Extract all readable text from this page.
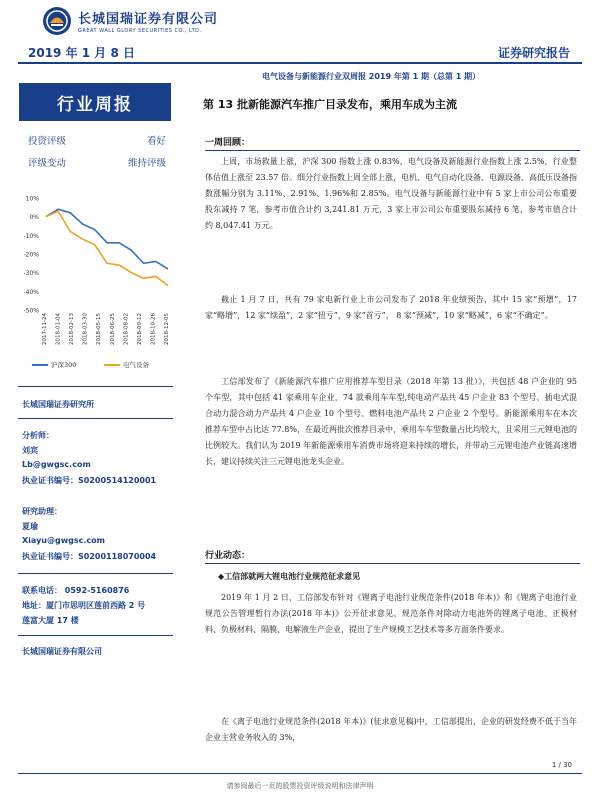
长城国瑞证券有限公司
GREAT WALL GLORY SECURITIES CO., LTD.
2019 年 1 月 8 日	证券研究报告
电气设备与新能源行业双周报 2019 年第 1 期（总第 1 期）
行业周报
投资评级	看好
评级变动	维持评级
10%
0%
-10%
-20%
-30%
-40%
-50%
2017-11-24 2018-01-04 2018-02-13 2018-03-30 2018-05-15 2018-06-25 2018-08-02 2018-09-12 2018-10-26 2018-12-05
沪深300	电气设备
长城国瑞证券研究所
分析师：
刘宾
Lb@gwgsc.com
执业证书编号：S0200514120001
研究助理：
夏瑜
Xiayu@gwgsc.com
执业证书编号：S0200118070004
联系电话： 0592-5160876
地址：厦门市思明区莲前西路 2 号
莲富大厦 17 楼
长城国瑞证券有限公司
第 13 批新能源汽车推广目录发布，乘用车成为主流
一周回顾：
上周，市场救量上涨，沪深 300 指数上涨 0.83%，电气设备及新能源行业指数上涨 2.5%，行业整体估值上涨至 23.57 倍。细分行业指数上周全部上涨，电机、电气自动化设备、电源设备、高低压设备指数涨幅分别为 3.11%、2.91%、1.96%和 2.85%。电气设备与新能源行业中有 5 家上市公司公布重要股东减持 7 笔，参考市值合计约 3,241.81 万元，3 家上市公司公布重要股东减持 6 笔，参考市值合计约 8,047.41 万元。
截止 1 月 7 日，共有 79 家电新行业上市公司发布了 2018 年业绩预告，其中 15 家“预增”，17 家“略增”，12 家“续盈”，2 家“扭亏”，9 家“首亏”， 8 家“预减”，10 家“略减”，6 家“不确定”。
工信部发布了《新能源汽车推广应用推荐车型目录（2018 年第 13 批）》，共包括 48 户企业的 95 个车型，其中包括 41 家乘用车企业，74 款乘用车车型,纯电动产品共 45 户企业 83 个型号、插电式混合动力混合动力产品共 4 户企业 10 个型号、燃料电池产品共 2 户企业 2 个型号。新能源乘用车在本次推荐车型中占比达 77.8%，在最近两批次推荐目录中，乘用车车型数量占比均较大，且采用三元锂电池的比例较大。我们认为 2019 年新能源乘用车消费市场将迎来持续的增长，并带动三元锂电池产业链高速增长，建议持续关注三元锂电池龙头企业。
行业动态：
◆工信部就两大锂电池行业规范征求意见
2019 年 1 月 2 日，工信部发布针对《锂离子电池行业规范条件(2018 年本)》和《锂离子电池行业规范公告管理暂行办法(2018 年本)》公开征求意见，规范条件对除动力电池外的锂离子电池、正极材料、负极材料、隔膜、电解液生产企业，提出了生产规模工艺技术等多方面条件要求。
在《离子电池行业规范条件(2018 年本)》(征求意见稿)中，工信部提出，企业的研发经费不低于当年企业主营业务收入的 3%，
1 / 30
请参阅最后一页的股票投资评级说明和法律声明
